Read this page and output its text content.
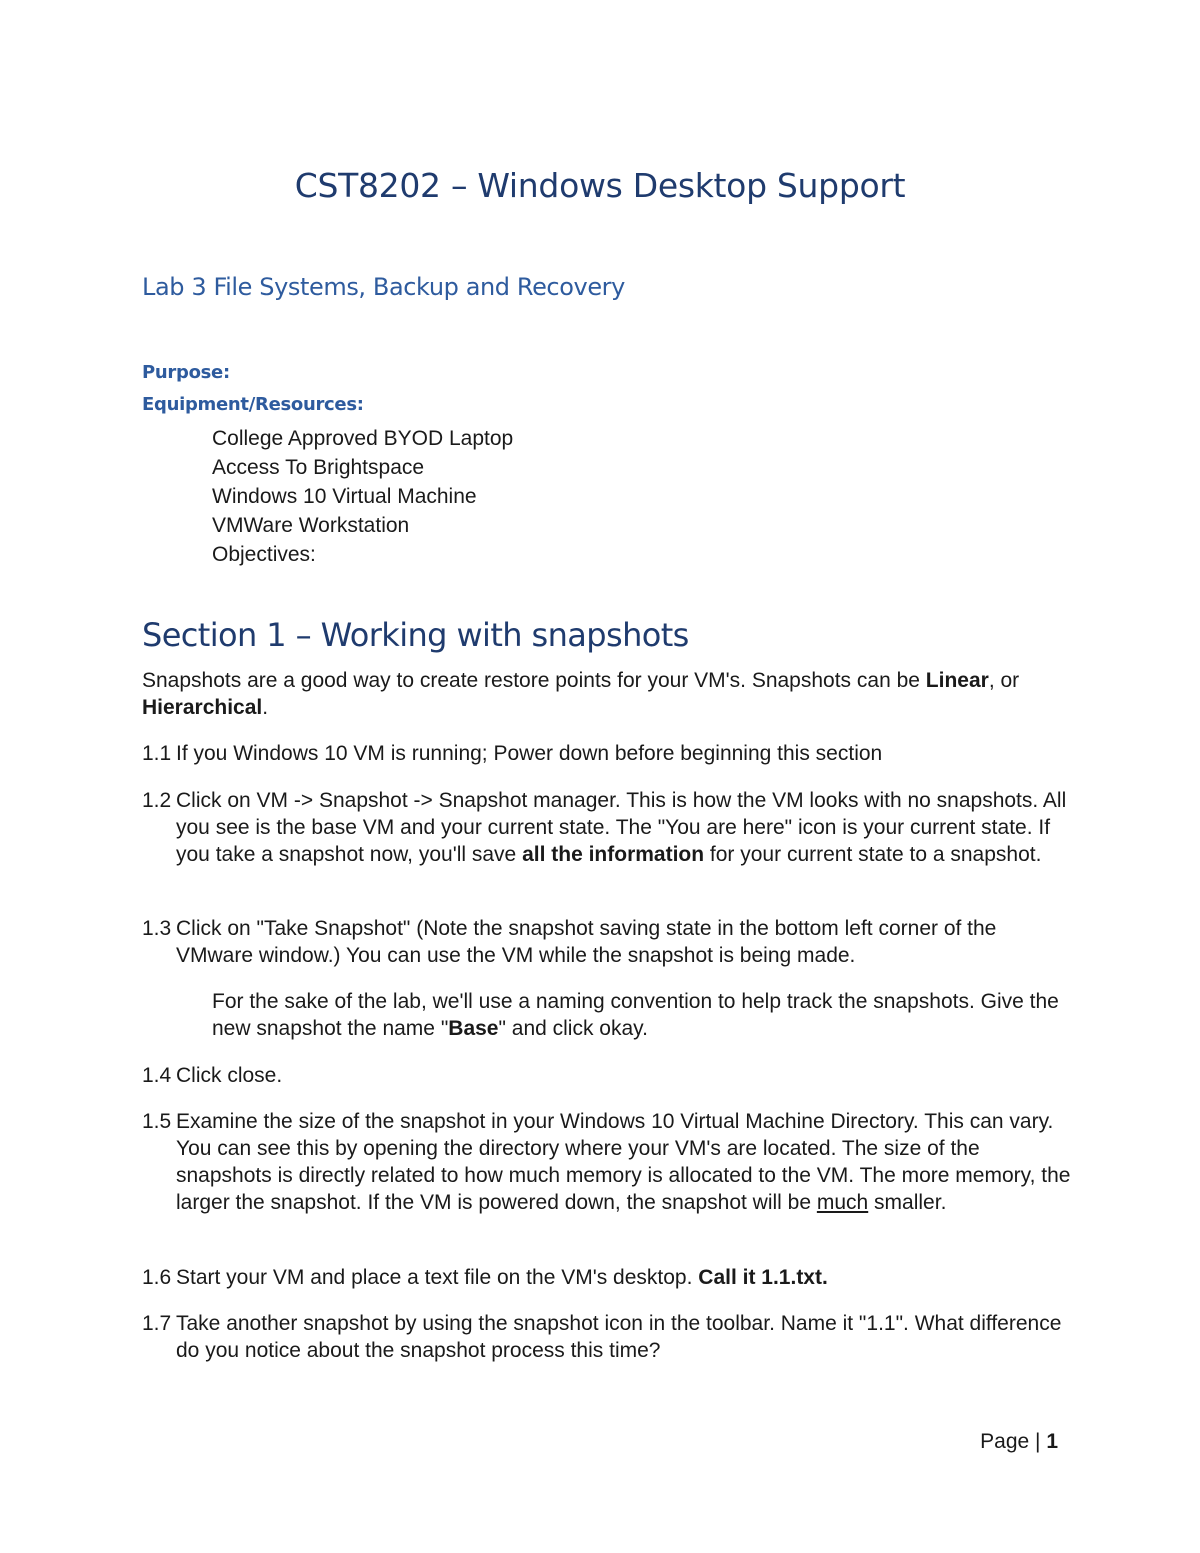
CST8202 – Windows Desktop Support
Lab 3 File Systems, Backup and Recovery
Purpose:
Equipment/Resources:
College Approved BYOD Laptop
Access To Brightspace
Windows 10 Virtual Machine
VMWare Workstation
Objectives:
Section 1 – Working with snapshots
Snapshots are a good way to create restore points for your VM's. Snapshots can be Linear, or Hierarchical.
1.1 If you Windows 10 VM is running; Power down before beginning this section
1.2 Click on VM -> Snapshot -> Snapshot manager. This is how the VM looks with no snapshots. All you see is the base VM and your current state. The "You are here" icon is your current state. If you take a snapshot now, you'll save all the information for your current state to a snapshot.
1.3 Click on "Take Snapshot" (Note the snapshot saving state in the bottom left corner of the VMware window.) You can use the VM while the snapshot is being made.
For the sake of the lab, we'll use a naming convention to help track the snapshots. Give the new snapshot the name "Base" and click okay.
1.4 Click close.
1.5 Examine the size of the snapshot in your Windows 10 Virtual Machine Directory. This can vary. You can see this by opening the directory where your VM's are located. The size of the snapshots is directly related to how much memory is allocated to the VM. The more memory, the larger the snapshot. If the VM is powered down, the snapshot will be much smaller.
1.6 Start your VM and place a text file on the VM's desktop. Call it 1.1.txt.
1.7 Take another snapshot by using the snapshot icon in the toolbar. Name it "1.1". What difference do you notice about the snapshot process this time?
Page | 1
